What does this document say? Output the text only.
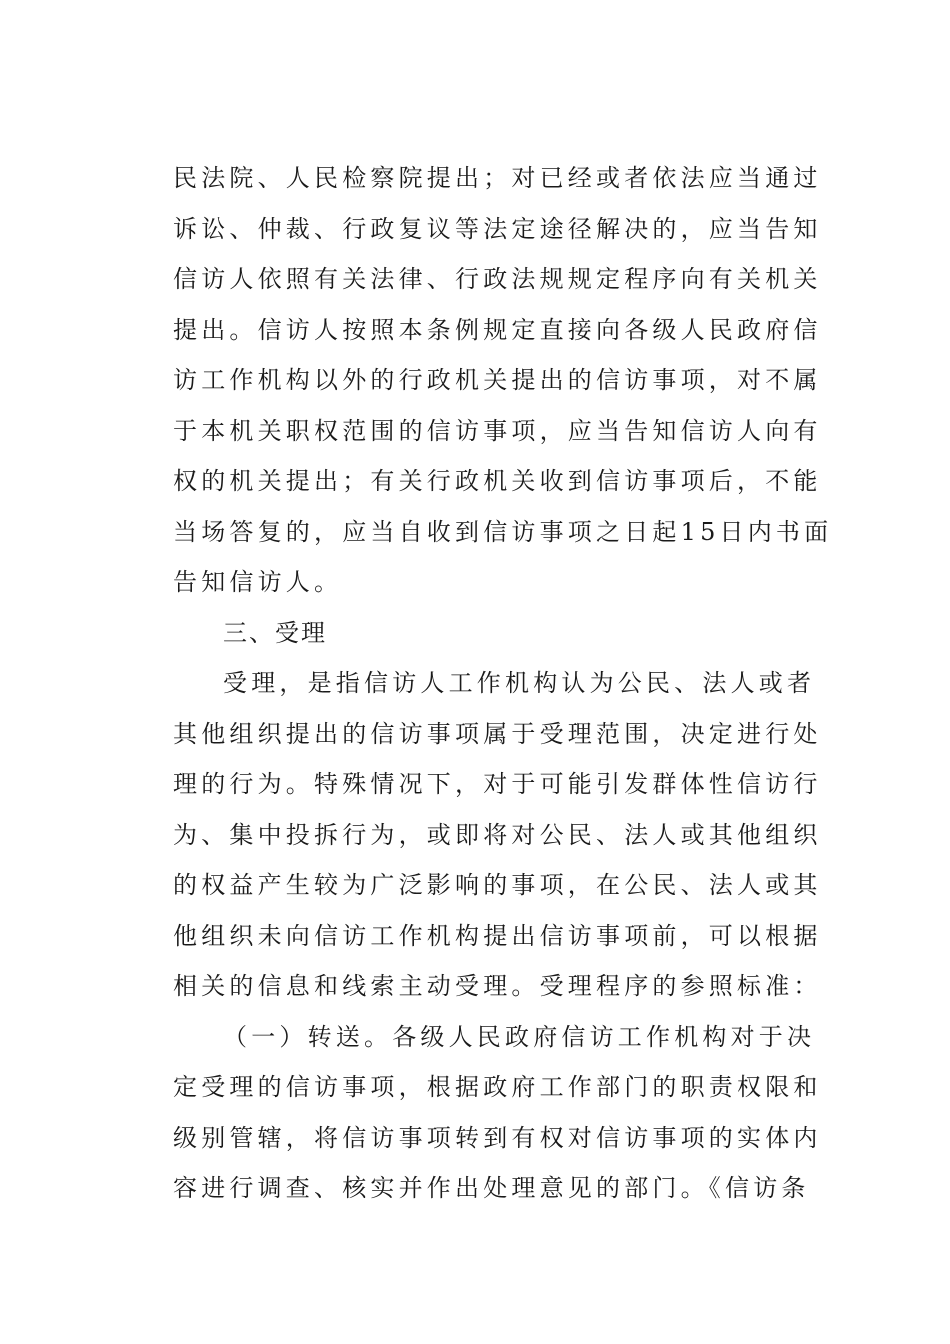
民法院、人民检察院提出；对已经或者依法应当通过
诉讼、仲裁、行政复议等法定途径解决的，应当告知
信访人依照有关法律、行政法规规定程序向有关机关
提出。信访人按照本条例规定直接向各级人民政府信
访工作机构以外的行政机关提出的信访事项，对不属
于本机关职权范围的信访事项，应当告知信访人向有
权的机关提出；有关行政机关收到信访事项后，不能
当场答复的，应当自收到信访事项之日起15日内书面
告知信访人。
三、受理
受理，是指信访人工作机构认为公民、法人或者
其他组织提出的信访事项属于受理范围，决定进行处
理的行为。特殊情况下，对于可能引发群体性信访行
为、集中投拆行为，或即将对公民、法人或其他组织
的权益产生较为广泛影响的事项，在公民、法人或其
他组织未向信访工作机构提出信访事项前，可以根据
相关的信息和线索主动受理。受理程序的参照标准：
（一）转送。各级人民政府信访工作机构对于决
定受理的信访事项，根据政府工作部门的职责权限和
级别管辖，将信访事项转到有权对信访事项的实体内
容进行调查、核实并作出处理意见的部门。《信访条
